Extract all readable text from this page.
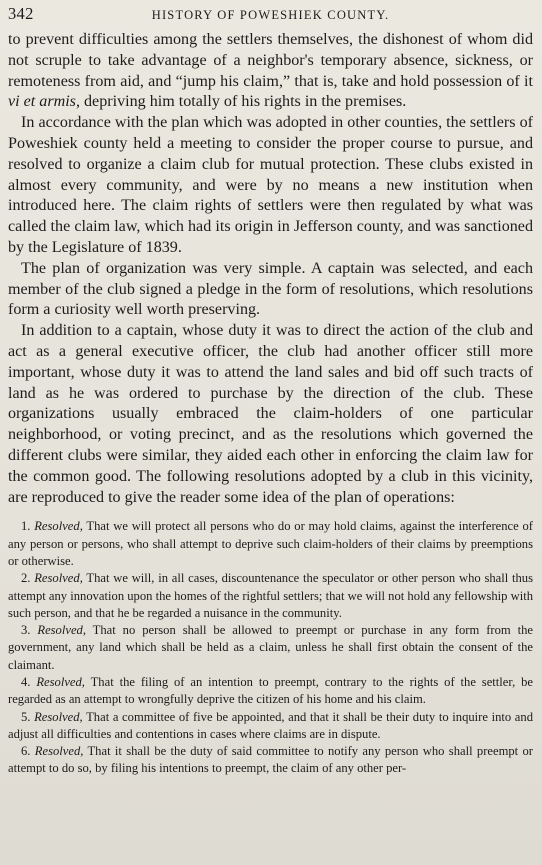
342	HISTORY OF POWESHIEK COUNTY.

to prevent difficulties among the settlers themselves, the dishonest of whom did not scruple to take advantage of a neighbor's temporary absence, sickness, or remoteness from aid, and “jump his claim,” that is, take and hold possession of it vi et armis, depriving him totally of his rights in the premises.

In accordance with the plan which was adopted in other counties, the settlers of Poweshiek county held a meeting to consider the proper course to pursue, and resolved to organize a claim club for mutual protection. These clubs existed in almost every community, and were by no means a new institution when introduced here. The claim rights of settlers were then regulated by what was called the claim law, which had its origin in Jefferson county, and was sanctioned by the Legislature of 1839.

The plan of organization was very simple. A captain was selected, and each member of the club signed a pledge in the form of resolutions, which resolutions form a curiosity well worth preserving.

In addition to a captain, whose duty it was to direct the action of the club and act as a general executive officer, the club had another officer still more important, whose duty it was to attend the land sales and bid off such tracts of land as he was ordered to purchase by the direction of the club. These organizations usually embraced the claim-holders of one particular neighborhood, or voting precinct, and as the resolutions which governed the different clubs were similar, they aided each other in enforcing the claim law for the common good. The following resolutions adopted by a club in this vicinity, are reproduced to give the reader some idea of the plan of operations:

1. Resolved, That we will protect all persons who do or may hold claims, against the interference of any person or persons, who shall attempt to deprive such claim-holders of their claims by preemptions or otherwise.

2. Resolved, That we will, in all cases, discountenance the speculator or other person who shall thus attempt any innovation upon the homes of the rightful settlers; that we will not hold any fellowship with such person, and that he be regarded a nuisance in the community.

3. Resolved, That no person shall be allowed to preempt or purchase in any form from the government, any land which shall be held as a claim, unless he shall first obtain the consent of the claimant.

4. Resolved, That the filing of an intention to preempt, contrary to the rights of the settler, be regarded as an attempt to wrongfully deprive the citizen of his home and his claim.

5. Resolved, That a committee of five be appointed, and that it shall be their duty to inquire into and adjust all difficulties and contentions in cases where claims are in dispute.

6. Resolved, That it shall be the duty of said committee to notify any person who shall preempt or attempt to do so, by filing his intentions to preempt, the claim of any other per-
